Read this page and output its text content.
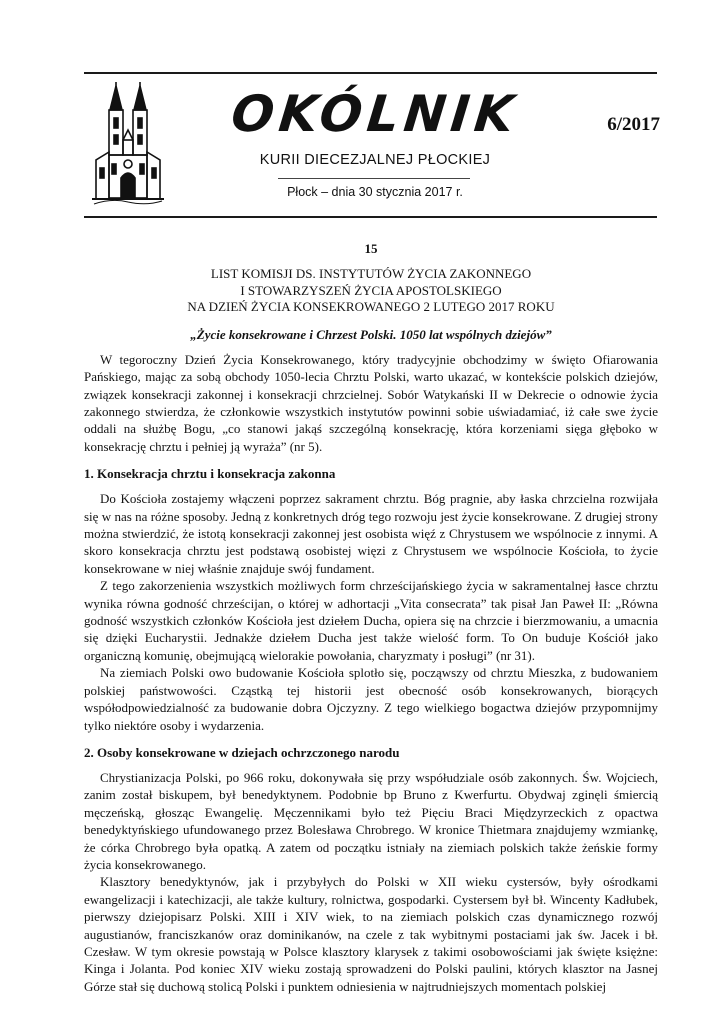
OKÓLNIK
KURII DIECEZJALNEJ PŁOCKIEJ
Płock – dnia 30 stycznia 2017 r.
6/2017
15
LIST KOMISJI DS. INSTYTUTÓW ŻYCIA ZAKONNEGO
I STOWARZYSZEŃ ŻYCIA APOSTOLSKIEGO
NA DZIEŃ ŻYCIA KONSEKROWANEGO 2 LUTEGO 2017 ROKU
„Życie konsekrowane i Chrzest Polski. 1050 lat wspólnych dziejów”

W tegoroczny Dzień Życia Konsekrowanego, który tradycyjnie obchodzimy w święto Ofiarowania Pańskiego, mając za sobą obchody 1050-lecia Chrztu Polski, warto ukazać, w kontekście polskich dziejów, związek konsekracji zakonnej i konsekracji chrzcielnej. Sobór Watykański II w Dekrecie o odnowie życia zakonnego stwierdza, że członkowie wszystkich instytutów powinni sobie uświadamiać, iż całe swe życie oddali na służbę Bogu, „co stanowi jakąś szczególną konsekrację, która korzeniami sięga głęboko w konsekrację chrztu i pełniej ją wyraża” (nr 5).

1. Konsekracja chrztu i konsekracja zakonna

Do Kościoła zostajemy włączeni poprzez sakrament chrztu. Bóg pragnie, aby łaska chrzcielna rozwijała się w nas na różne sposoby. Jedną z konkretnych dróg tego rozwoju jest życie konsekrowane. Z drugiej strony można stwierdzić, że istotą konsekracji zakonnej jest osobista więź z Chrystusem we wspólnocie z innymi. A skoro konsekracja chrztu jest podstawą osobistej więzi z Chrystusem we wspólnocie Kościoła, to życie konsekrowane w niej właśnie znajduje swój fundament.

Z tego zakorzenienia wszystkich możliwych form chrześcijańskiego życia w sakramentalnej łasce chrztu wynika równa godność chrześcijan, o której w adhortacji „Vita consecrata” tak pisał Jan Paweł II: „Równa godność wszystkich członków Kościoła jest dziełem Ducha, opiera się na chrzcie i bierzmowaniu, a umacnia się dzięki Eucharystii. Jednakże dziełem Ducha jest także wielość form. To On buduje Kościół jako organiczną komunię, obejmującą wielorakie powołania, charyzmaty i posługi” (nr 31).

Na ziemiach Polski owo budowanie Kościoła splotło się, począwszy od chrztu Mieszka, z budowaniem polskiej państwowości. Cząstką tej historii jest obecność osób konsekrowanych, biorących współodpowiedzialność za budowanie dobra Ojczyzny. Z tego wielkiego bogactwa dziejów przypomnijmy tylko niektóre osoby i wydarzenia.

2. Osoby konsekrowane w dziejach ochrzczonego narodu

Chrystianizacja Polski, po 966 roku, dokonywała się przy współudziale osób zakonnych. Św. Wojciech, zanim został biskupem, był benedyktynem. Podobnie bp Bruno z Kwerfurtu. Obydwaj zginęli śmiercią męczeńską, głosząc Ewangelię. Męczennikami było też Pięciu Braci Międzyrzeckich z opactwa benedyktyńskiego ufundowanego przez Bolesława Chrobrego. W kronice Thietmara znajdujemy wzmiankę, że córka Chrobrego była opatką. A zatem od początku istniały na ziemiach polskich także żeńskie formy życia konsekrowanego.

Klasztory benedyktynów, jak i przybyłych do Polski w XII wieku cystersów, były ośrodkami ewangelizacji i katechizacji, ale także kultury, rolnictwa, gospodarki. Cystersem był bł. Wincenty Kadłubek, pierwszy dziejopisarz Polski. XIII i XIV wiek, to na ziemiach polskich czas dynamicznego rozwój augustianów, franciszkanów oraz dominikanów, na czele z tak wybitnymi postaciami jak św. Jacek i bł. Czesław. W tym okresie powstają w Polsce klasztory klarysek z takimi osobowościami jak święte księżne: Kinga i Jolanta. Pod koniec XIV wieku zostają sprowadzeni do Polski paulini, których klasztor na Jasnej Górze stał się duchową stolicą Polski i punktem odniesienia w najtrudniejszych momentach polskiej
